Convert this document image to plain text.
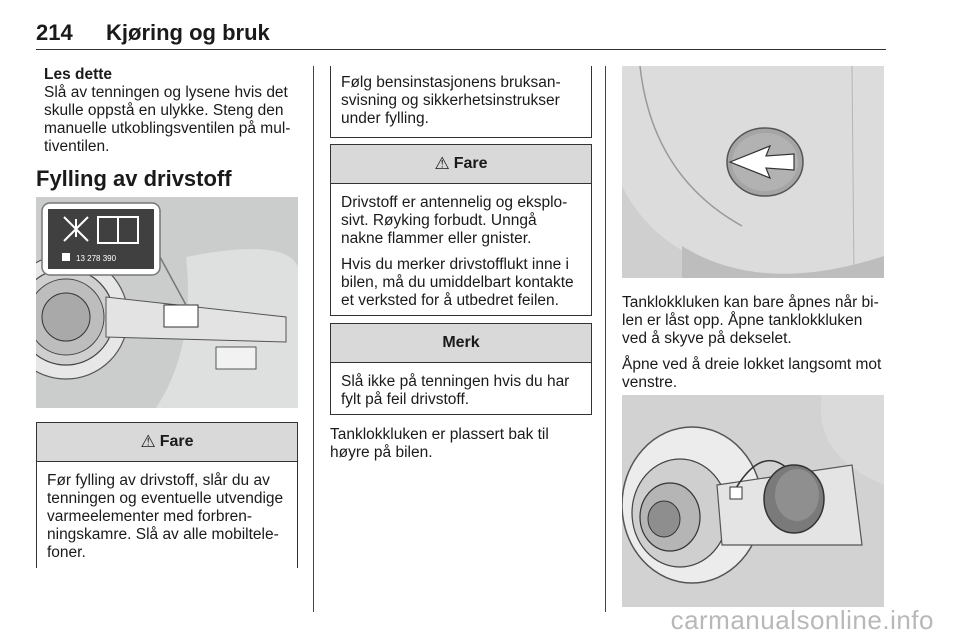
214 Kjøring og bruk

Les dette

Slå av tenningen og lysene hvis det skulle oppstå en ulykke. Steng den manuelle utkoblingsventilen på mul-tiventilen.

Fylling av drivstoff
13 278 390
⚠ Fare

Før fylling av drivstoff, slår du av tenningen og eventuelle utvendige varmeelementer med forbren-ningskamre. Slå av alle mobiltele-foner.

Følg bensinstasjonens bruksan-svisning og sikkerhetsinstrukser under fylling.

⚠ Fare

Drivstoff er antennelig og eksplo-sivt. Røyking forbudt. Unngå nakne flammer eller gnister.

Hvis du merker drivstofflukt inne i bilen, må du umiddelbart kontakte et verksted for å utbedret feilen.

Merk

Slå ikke på tenningen hvis du har fylt på feil drivstoff.

Tanklokkluken er plassert bak til høyre på bilen.

Tanklokkluken kan bare åpnes når bi-len er låst opp. Åpne tanklokkluken ved å skyve på dekselet.

Åpne ved å dreie lokket langsomt mot venstre.

carmanualsonline.info
